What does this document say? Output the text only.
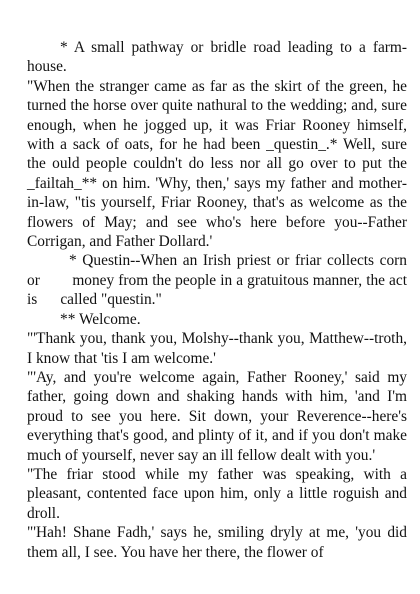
* A small pathway or bridle road leading to a farm-house.

"When the stranger came as far as the skirt of the green, he turned the horse over quite nathural to the wedding; and, sure enough, when he jogged up, it was Friar Rooney himself, with a sack of oats, for he had been _questin_.* Well, sure the ould people couldn't do less nor all go over to put the _failtah_** on him. 'Why, then,' says my father and mother-in-law, "tis yourself, Friar Rooney, that's as welcome as the flowers of May; and see who's here before you--Father Corrigan, and Father Dollard.'

* Questin--When an Irish priest or friar collects corn or        money from the people in a gratuitous manner, the act is      called "questin."

** Welcome.

"'Thank you, thank you, Molshy--thank you, Matthew--troth, I know that 'tis I am welcome.'

"'Ay, and you're welcome again, Father Rooney,' said my father, going down and shaking hands with him, 'and I'm proud to see you here. Sit down, your Reverence--here's everything that's good, and plinty of it, and if you don't make much of yourself, never say an ill fellow dealt with you.'

"The friar stood while my father was speaking, with a pleasant, contented face upon him, only a little roguish and droll.

"'Hah! Shane Fadh,' says he, smiling dryly at me, 'you did them all, I see. You have her there, the flower of
